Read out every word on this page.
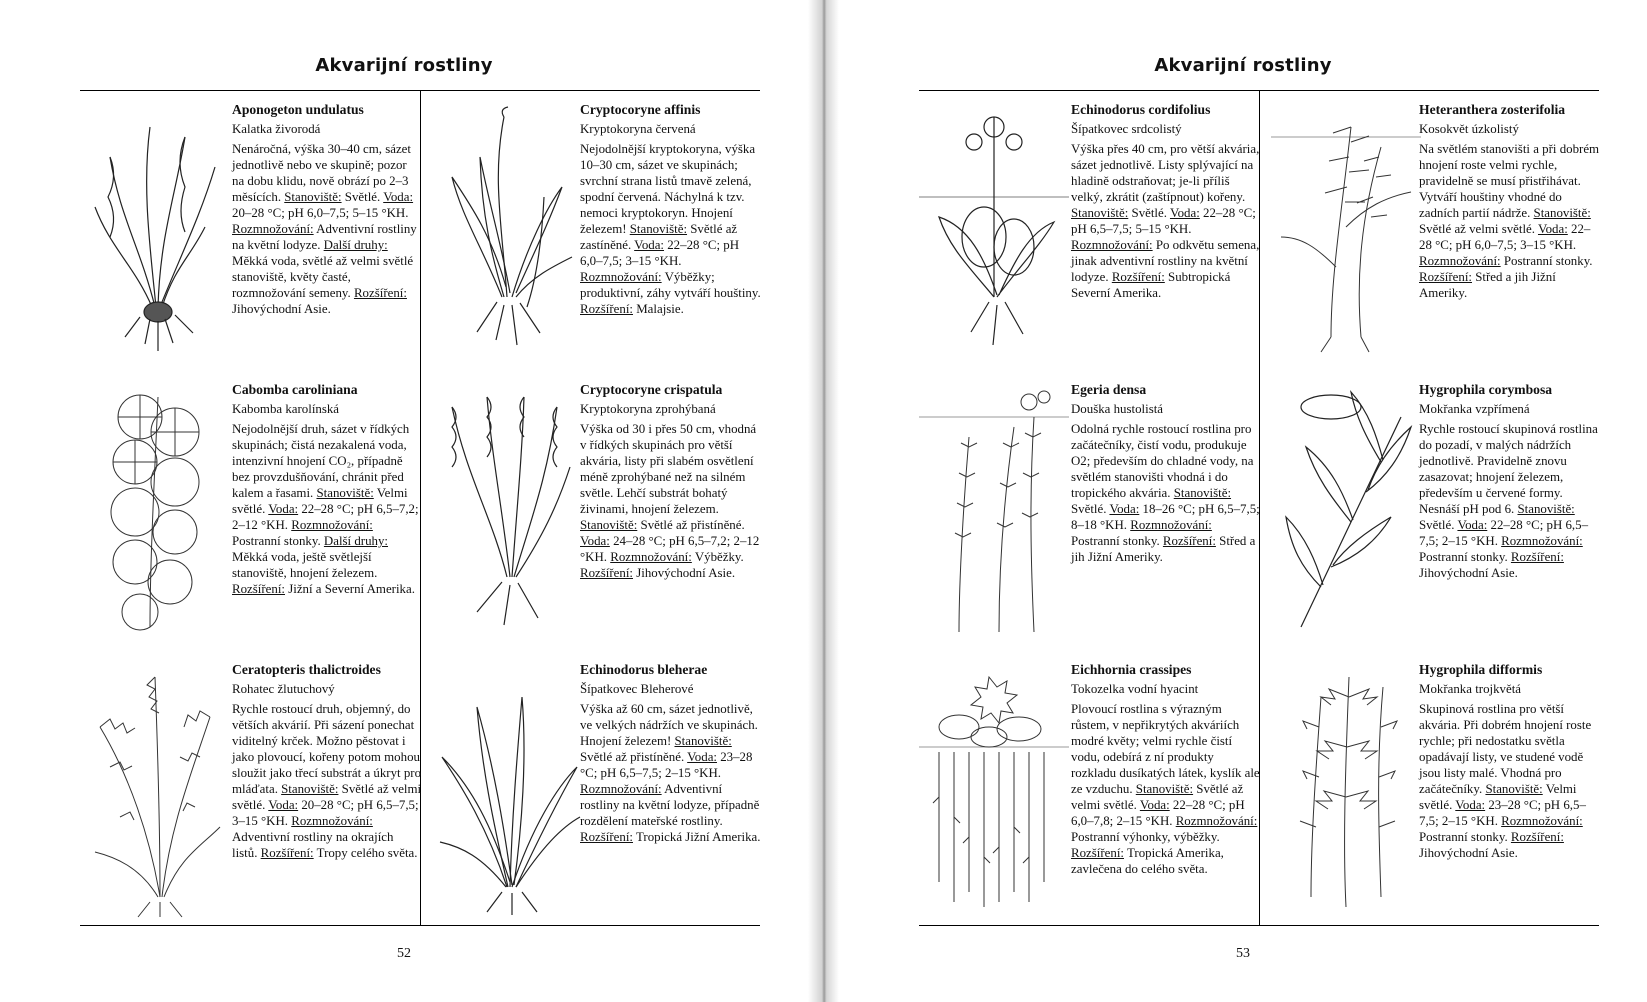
Akvarijní rostliny
Aponogeton undulatus
Kalatka živorodá
Nenáročná, výška 30–40 cm, sázet jednotlivě nebo ve skupině; pozor na dobu klidu, nově obrází po 2–3 měsících. Stanoviště: Světlé. Voda: 20–28 °C; pH 6,0–7,5; 5–15 °KH. Rozmnožování: Adventivní rostliny na květní lodyze. Další druhy: Měkká voda, světlé až velmi světlé stanoviště, květy časté, rozmnožování semeny. Rozšíření: Jihovýchodní Asie.
Cryptocoryne affinis
Kryptokoryna červená
Nejodolnější kryptokoryna, výška 10–30 cm, sázet ve skupinách; svrchní strana listů tmavě zelená, spodní červená. Náchylná k tzv. nemoci kryptokoryn. Hnojení železem! Stanoviště: Světlé až zastíněné. Voda: 22–28 °C; pH 6,0–7,5; 3–15 °KH. Rozmnožování: Výběžky; produktivní, záhy vytváří houštiny. Rozšíření: Malajsie.
Cabomba caroliniana
Kabomba karolínská
Nejodolnější druh, sázet v řídkých skupinách; čistá nezakalená voda, intenzivní hnojení CO₂, případně bez provzdušňování, chránit před kalem a řasami. Stanoviště: Velmi světlé. Voda: 22–28 °C; pH 6,5–7,2; 2–12 °KH. Rozmnožování: Postranní stonky. Další druhy: Měkká voda, ještě světlejší stanoviště, hnojení železem. Rozšíření: Jižní a Severní Amerika.
Cryptocoryne crispatula
Kryptokoryna zprohýbaná
Výška od 30 i přes 50 cm, vhodná v řídkých skupinách pro větší akvária, listy při slabém osvětlení méně zprohýbané než na silném světle. Lehčí substrát bohatý živinami, hnojení železem. Stanoviště: Světlé až přistíněné. Voda: 24–28 °C; pH 6,5–7,2; 2–12 °KH. Rozmnožování: Výběžky. Rozšíření: Jihovýchodní Asie.
Ceratopteris thalictroides
Rohatec žlutuchový
Rychle rostoucí druh, objemný, do větších akvárií. Při sázení ponechat viditelný krček. Možno pěstovat i jako plovoucí, kořeny potom mohou sloužit jako třecí substrát a úkryt pro mláďata. Stanoviště: Světlé až velmi světlé. Voda: 20–28 °C; pH 6,5–7,5; 3–15 °KH. Rozmnožování: Adventivní rostliny na okrajích listů. Rozšíření: Tropy celého světa.
Echinodorus bleherae
Šípatkovec Bleherové
Výška až 60 cm, sázet jednotlivě, ve velkých nádržích ve skupinách. Hnojení železem! Stanoviště: Světlé až přistíněné. Voda: 23–28 °C; pH 6,5–7,5; 2–15 °KH. Rozmnožování: Adventivní rostliny na květní lodyze, případně rozdělení mateřské rostliny. Rozšíření: Tropická Jižní Amerika.
52
Akvarijní rostliny
Echinodorus cordifolius
Šípatkovec srdcolistý
Výška přes 40 cm, pro větší akvária, sázet jednotlivě. Listy splývající na hladině odstraňovat; je-li příliš velký, zkrátit (zaštípnout) kořeny. Stanoviště: Světlé. Voda: 22–28 °C; pH 6,5–7,5; 5–15 °KH. Rozmnožování: Po odkvětu semena, jinak adventivní rostliny na květní lodyze. Rozšíření: Subtropická Severní Amerika.
Heteranthera zosterifolia
Kosokvět úzkolistý
Na světlém stanovišti a při dobrém hnojení roste velmi rychle, pravidelně se musí přistřihávat. Vytváří houštiny vhodné do zadních partií nádrže. Stanoviště: Světlé až velmi světlé. Voda: 22–28 °C; pH 6,0–7,5; 3–15 °KH. Rozmnožování: Postranní stonky. Rozšíření: Střed a jih Jižní Ameriky.
Egeria densa
Douška hustolistá
Odolná rychle rostoucí rostlina pro začátečníky, čistí vodu, produkuje O2; především do chladné vody, na světlém stanovišti vhodná i do tropického akvária. Stanoviště: Světlé. Voda: 18–26 °C; pH 6,5–7,5; 8–18 °KH. Rozmnožování: Postranní stonky. Rozšíření: Střed a jih Jižní Ameriky.
Hygrophila corymbosa
Mokřanka vzpřímená
Rychle rostoucí skupinová rostlina do pozadí, v malých nádržích jednotlivě. Pravidelně znovu zasazovat; hnojení železem, především u červené formy. Nesnáší pH pod 6. Stanoviště: Světlé. Voda: 22–28 °C; pH 6,5–7,5; 2–15 °KH. Rozmnožování: Postranní stonky. Rozšíření: Jihovýchodní Asie.
Eichhornia crassipes
Tokozelka vodní hyacint
Plovoucí rostlina s výrazným růstem, v nepřikrytých akváriích modré květy; velmi rychle čistí vodu, odebírá z ní produkty rozkladu dusíkatých látek, kyslík ale ze vzduchu. Stanoviště: Světlé až velmi světlé. Voda: 22–28 °C; pH 6,0–7,8; 2–15 °KH. Rozmnožování: Postranní výhonky, výběžky. Rozšíření: Tropická Amerika, zavlečena do celého světa.
Hygrophila difformis
Mokřanka trojkvětá
Skupinová rostlina pro větší akvária. Při dobrém hnojení roste rychle; při nedostatku světla opadávají listy, ve studené vodě jsou listy malé. Vhodná pro začátečníky. Stanoviště: Velmi světlé. Voda: 23–28 °C; pH 6,5–7,5; 2–15 °KH. Rozmnožování: Postranní stonky. Rozšíření: Jihovýchodní Asie.
53
